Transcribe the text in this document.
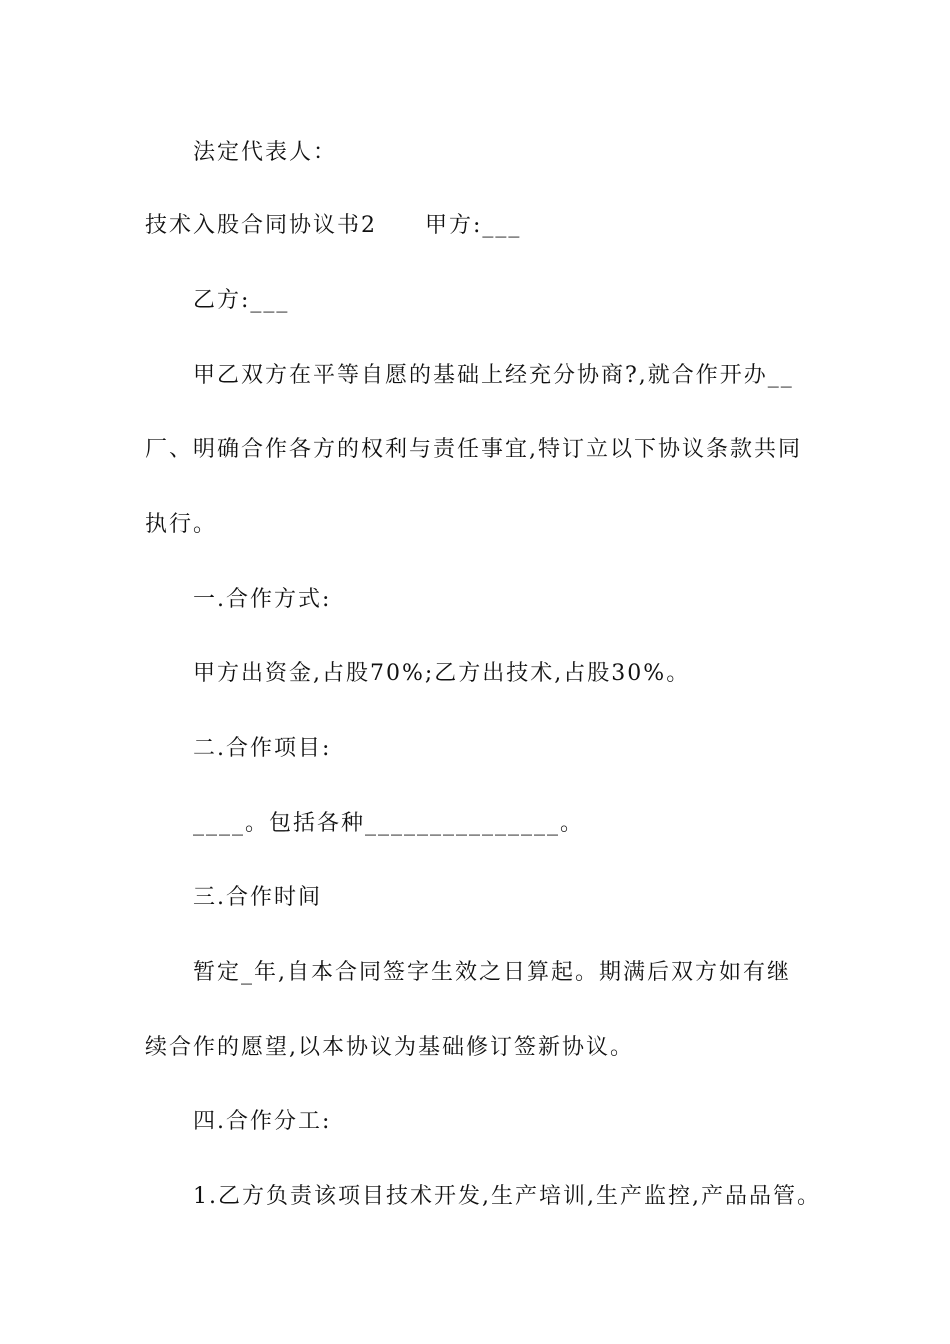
法定代表人：
技术入股合同协议书2　　甲方:___
乙方:___
甲乙双方在平等自愿的基础上经充分协商?,就合作开办__
厂、明确合作各方的权利与责任事宜,特订立以下协议条款共同
执行。
一.合作方式:
甲方出资金,占股70%;乙方出技术,占股30%。
二.合作项目:
____。包括各种_______________。
三.合作时间
暂定_年,自本合同签字生效之日算起。期满后双方如有继
续合作的愿望,以本协议为基础修订签新协议。
四.合作分工:
1.乙方负责该项目技术开发,生产培训,生产监控,产品品管。
